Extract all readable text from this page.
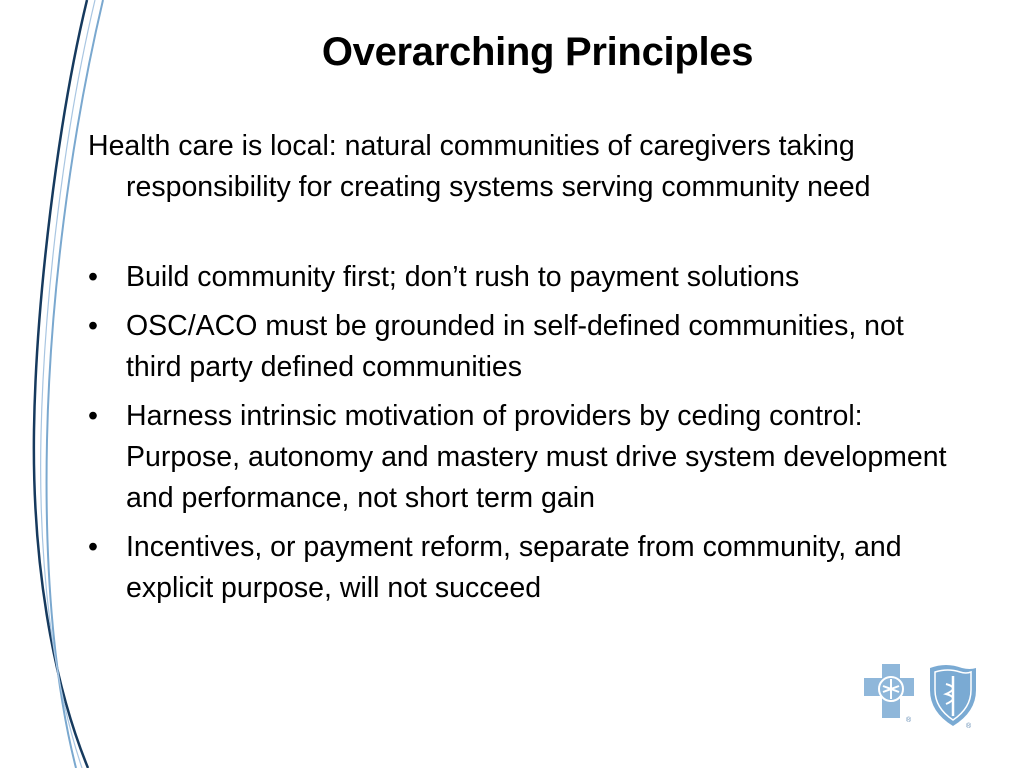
Overarching Principles

Health care is local: natural communities of caregivers taking responsibility for creating systems serving community need

• Build community first; don’t rush to payment solutions
• OSC/ACO must be grounded in self-defined communities, not third party defined communities
• Harness intrinsic motivation of providers by ceding control: Purpose, autonomy and mastery must drive system development and performance, not short term gain
• Incentives, or payment reform, separate from community, and explicit purpose, will not succeed
®
®
